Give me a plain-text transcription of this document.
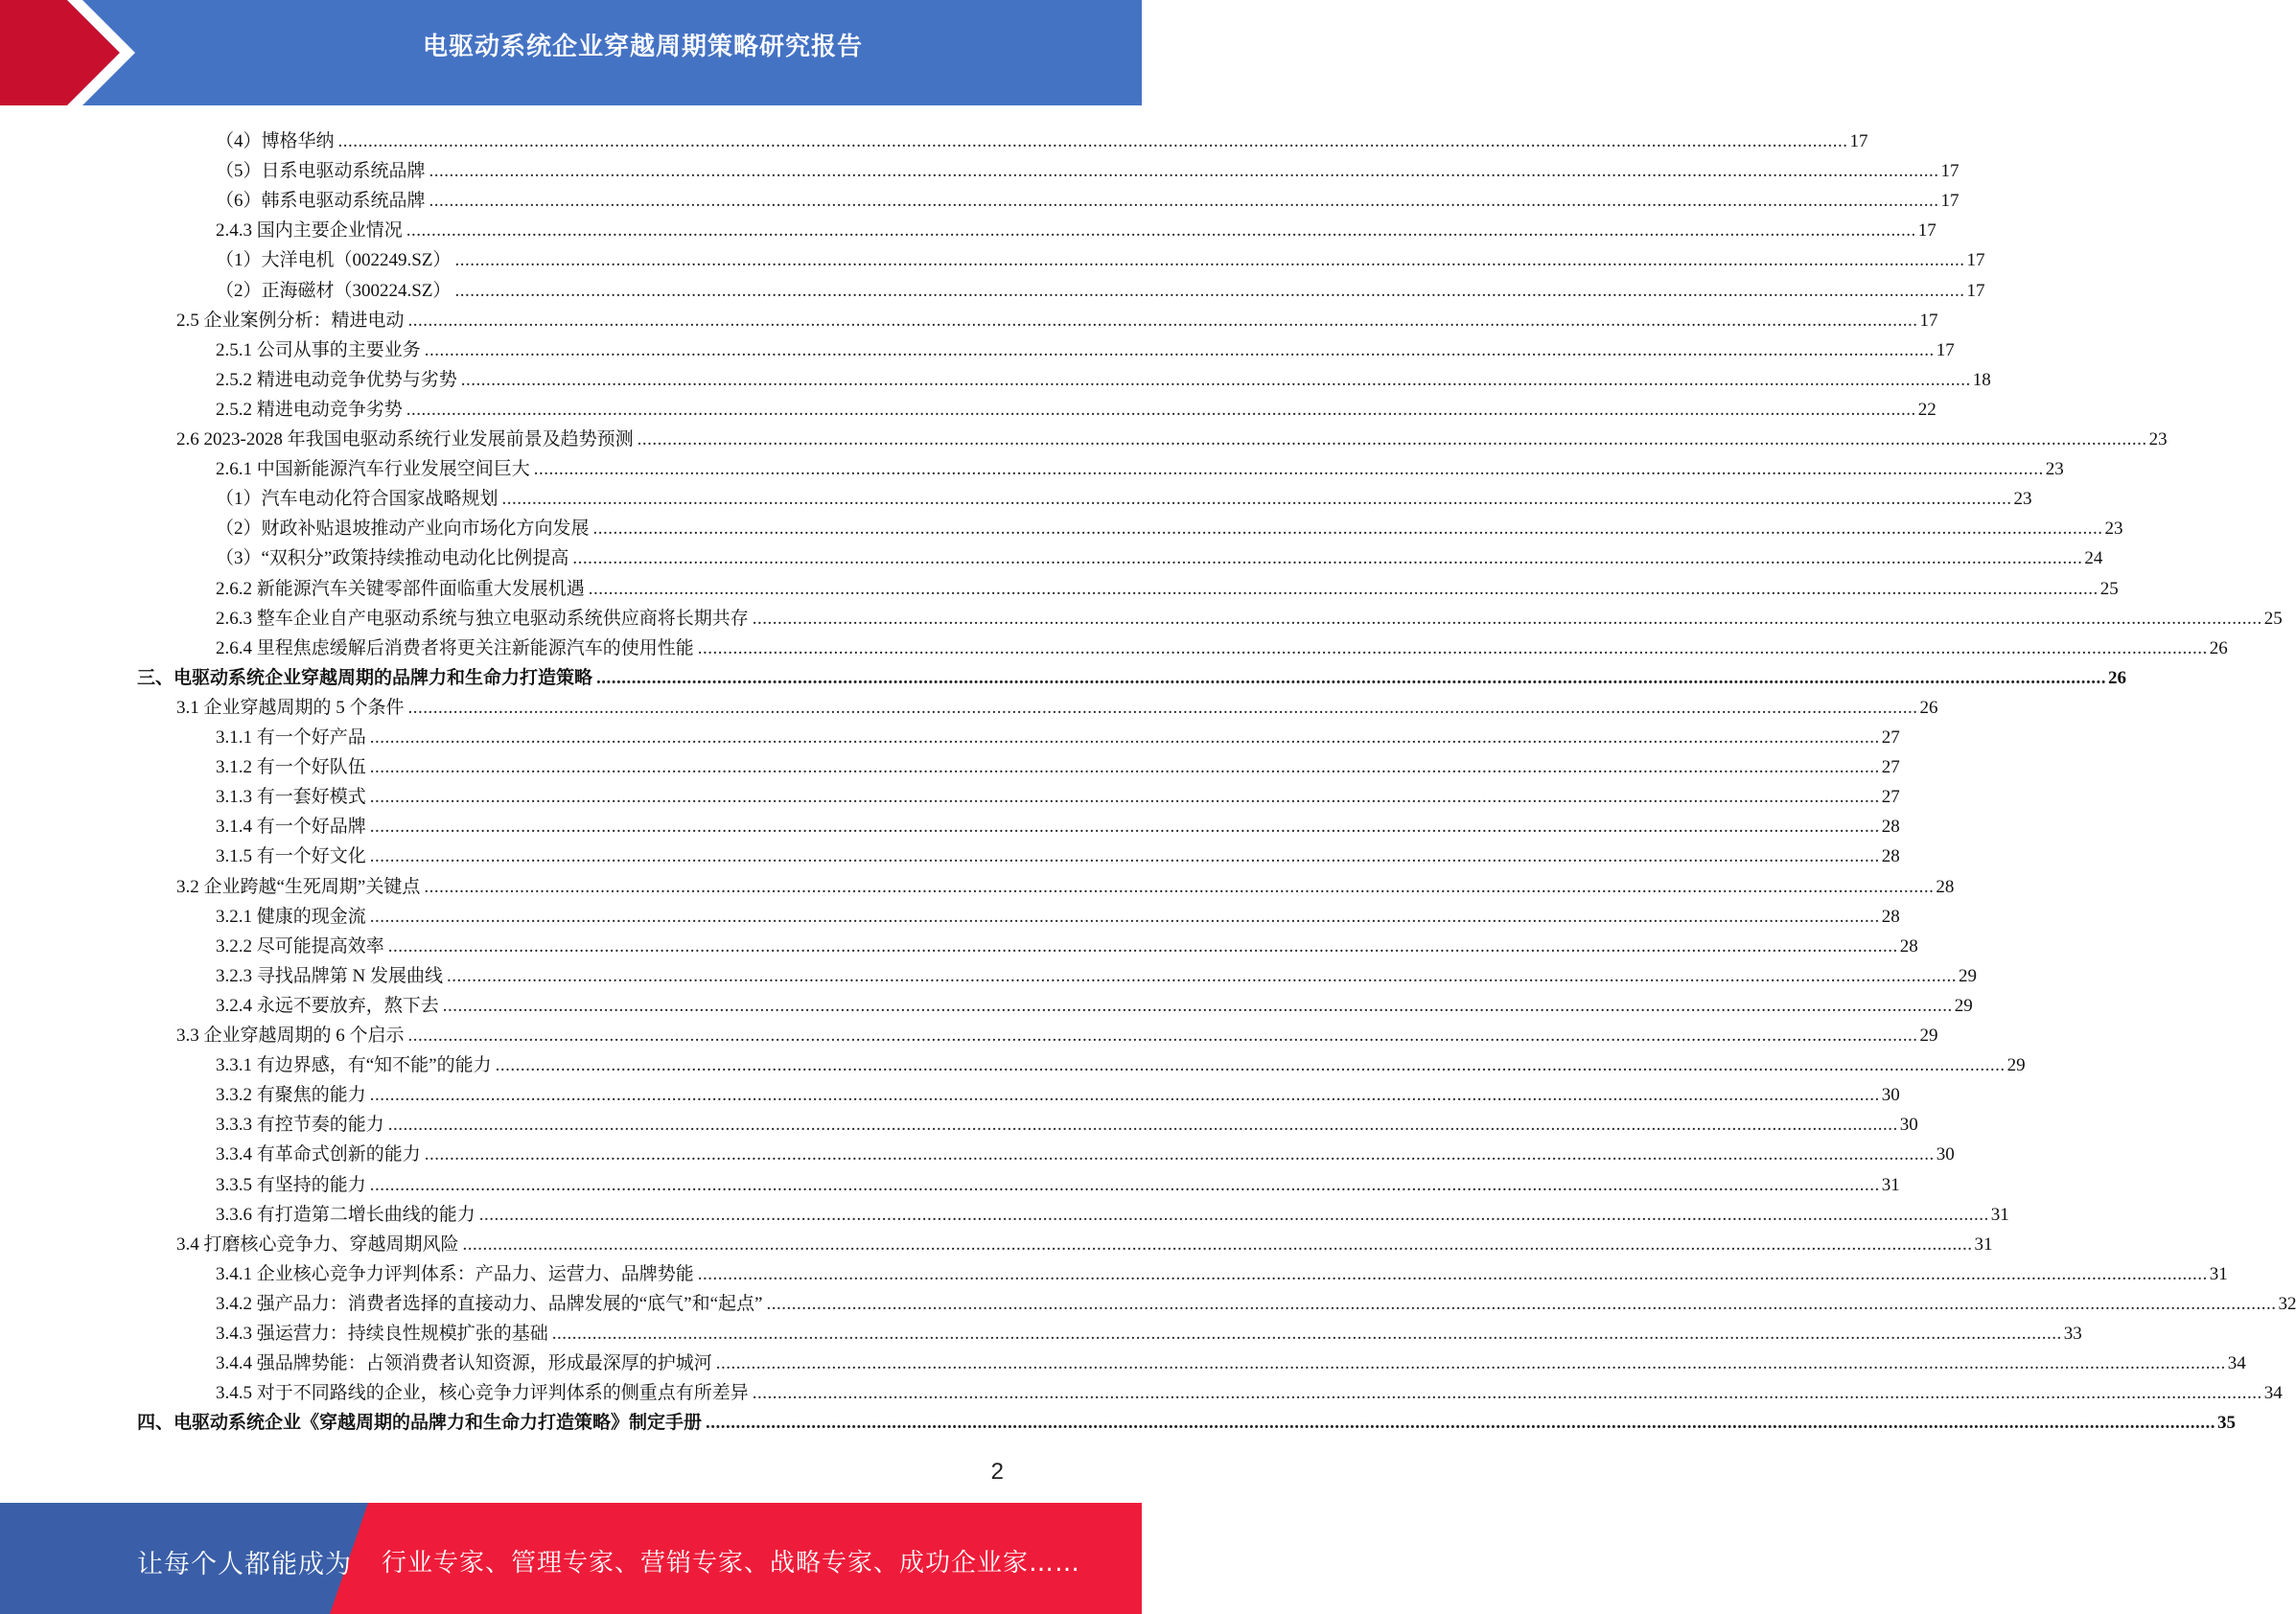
电驱动系统企业穿越周期策略研究报告
（4）博格华纳 ............................................................................................................................................................................................................................................................................................................ 17
（5）日系电驱动系统品牌 ............................................................................................................................................................................................................................................................................................................ 17
（6）韩系电驱动系统品牌 ............................................................................................................................................................................................................................................................................................................ 17
2.4.3 国内主要企业情况 ............................................................................................................................................................................................................................................................................................................ 17
（1）大洋电机（002249.SZ） ............................................................................................................................................................................................................................................................................................................ 17
（2）正海磁材（300224.SZ） ............................................................................................................................................................................................................................................................................................................ 17
2.5 企业案例分析：精进电动 ............................................................................................................................................................................................................................................................................................................ 17
2.5.1 公司从事的主要业务 ............................................................................................................................................................................................................................................................................................................ 17
2.5.2 精进电动竞争优势与劣势 ............................................................................................................................................................................................................................................................................................................ 18
2.5.2 精进电动竞争劣势 ............................................................................................................................................................................................................................................................................................................ 22
2.6 2023-2028 年我国电驱动系统行业发展前景及趋势预测 ............................................................................................................................................................................................................................................................................................................ 23
2.6.1 中国新能源汽车行业发展空间巨大 ............................................................................................................................................................................................................................................................................................................ 23
（1）汽车电动化符合国家战略规划 ............................................................................................................................................................................................................................................................................................................ 23
（2）财政补贴退坡推动产业向市场化方向发展 ............................................................................................................................................................................................................................................................................................................ 23
（3）“双积分”政策持续推动电动化比例提高 ............................................................................................................................................................................................................................................................................................................ 24
2.6.2 新能源汽车关键零部件面临重大发展机遇 ............................................................................................................................................................................................................................................................................................................ 25
2.6.3 整车企业自产电驱动系统与独立电驱动系统供应商将长期共存 ............................................................................................................................................................................................................................................................................................................ 25
2.6.4 里程焦虑缓解后消费者将更关注新能源汽车的使用性能 ............................................................................................................................................................................................................................................................................................................ 26
三、电驱动系统企业穿越周期的品牌力和生命力打造策略 ............................................................................................................................................................................................................................................................................................................ 26
3.1 企业穿越周期的 5 个条件 ............................................................................................................................................................................................................................................................................................................ 26
3.1.1 有一个好产品 ............................................................................................................................................................................................................................................................................................................ 27
3.1.2 有一个好队伍 ............................................................................................................................................................................................................................................................................................................ 27
3.1.3 有一套好模式 ............................................................................................................................................................................................................................................................................................................ 27
3.1.4 有一个好品牌 ............................................................................................................................................................................................................................................................................................................ 28
3.1.5 有一个好文化 ............................................................................................................................................................................................................................................................................................................ 28
3.2 企业跨越“生死周期”关键点 ............................................................................................................................................................................................................................................................................................................ 28
3.2.1 健康的现金流 ............................................................................................................................................................................................................................................................................................................ 28
3.2.2 尽可能提高效率 ............................................................................................................................................................................................................................................................................................................ 28
3.2.3 寻找品牌第 N 发展曲线 ............................................................................................................................................................................................................................................................................................................ 29
3.2.4 永远不要放弃，熬下去 ............................................................................................................................................................................................................................................................................................................ 29
3.3 企业穿越周期的 6 个启示 ............................................................................................................................................................................................................................................................................................................ 29
3.3.1 有边界感，有“知不能”的能力 ............................................................................................................................................................................................................................................................................................................ 29
3.3.2 有聚焦的能力 ............................................................................................................................................................................................................................................................................................................ 30
3.3.3 有控节奏的能力 ............................................................................................................................................................................................................................................................................................................ 30
3.3.4 有革命式创新的能力 ............................................................................................................................................................................................................................................................................................................ 30
3.3.5 有坚持的能力 ............................................................................................................................................................................................................................................................................................................ 31
3.3.6 有打造第二增长曲线的能力 ............................................................................................................................................................................................................................................................................................................ 31
3.4 打磨核心竞争力、穿越周期风险 ............................................................................................................................................................................................................................................................................................................ 31
3.4.1 企业核心竞争力评判体系：产品力、运营力、品牌势能 ............................................................................................................................................................................................................................................................................................................ 31
3.4.2 强产品力：消费者选择的直接动力、品牌发展的“底气”和“起点” ............................................................................................................................................................................................................................................................................................................ 32
3.4.3 强运营力：持续良性规模扩张的基础 ............................................................................................................................................................................................................................................................................................................ 33
3.4.4 强品牌势能：占领消费者认知资源，形成最深厚的护城河 ............................................................................................................................................................................................................................................................................................................ 34
3.4.5 对于不同路线的企业，核心竞争力评判体系的侧重点有所差异 ............................................................................................................................................................................................................................................................................................................ 34
四、电驱动系统企业《穿越周期的品牌力和生命力打造策略》制定手册 ............................................................................................................................................................................................................................................................................................................ 35
2
让每个人都能成为 行业专家、管理专家、营销专家、战略专家、成功企业家……
